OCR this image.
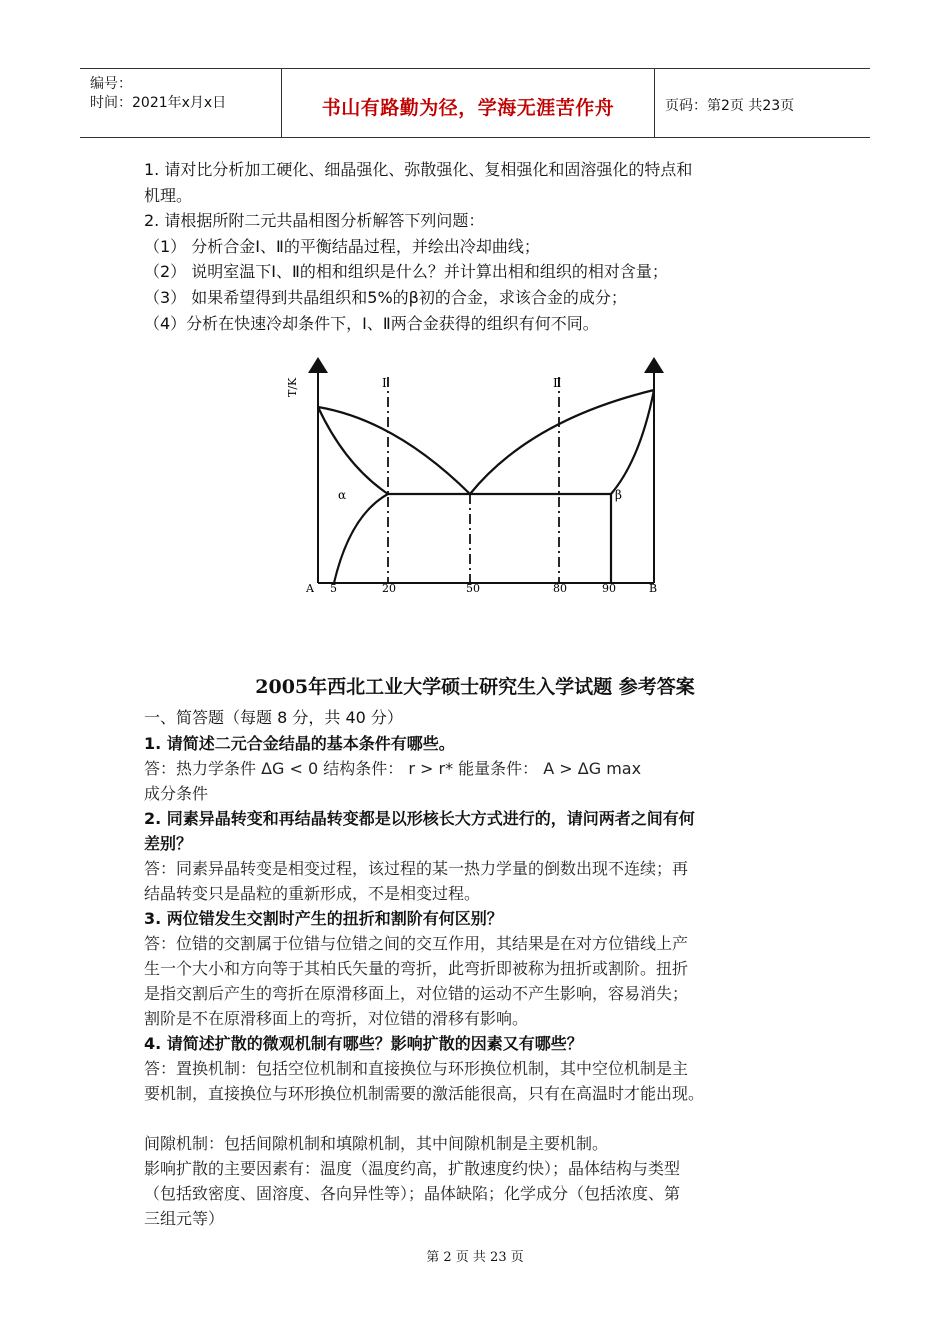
编号：
时间：2021年x月x日	书山有路勤为径，学海无涯苦作舟	页码：第2页 共23页
1. 请对比分析加工硬化、细晶强化、弥散强化、复相强化和固溶强化的特点和
机理。
2. 请根据所附二元共晶相图分析解答下列问题：
（1） 分析合金Ⅰ、Ⅱ的平衡结晶过程，并绘出冷却曲线；
（2） 说明室温下Ⅰ、Ⅱ的相和组织是什么？并计算出相和组织的相对含量；
（3） 如果希望得到共晶组织和5%的β初的合金，求该合金的成分；
（4）分析在快速冷却条件下，Ⅰ、Ⅱ两合金获得的组织有何不同。
T/K	Ⅰ	Ⅱ
α	β
A 5	20	50	80	90	B
2005年西北工业大学硕士研究生入学试题 参考答案
一、简答题（每题 8 分，共 40 分）
1. 请简述二元合金结晶的基本条件有哪些。
答：热力学条件 ΔG < 0 结构条件： r > r* 能量条件： A > ΔG max
成分条件
2. 同素异晶转变和再结晶转变都是以形核长大方式进行的，请问两者之间有何
差别？
答：同素异晶转变是相变过程，该过程的某一热力学量的倒数出现不连续；再
结晶转变只是晶粒的重新形成，不是相变过程。
3. 两位错发生交割时产生的扭折和割阶有何区别？
答：位错的交割属于位错与位错之间的交互作用，其结果是在对方位错线上产
生一个大小和方向等于其柏氏矢量的弯折，此弯折即被称为扭折或割阶。扭折
是指交割后产生的弯折在原滑移面上，对位错的运动不产生影响，容易消失；
割阶是不在原滑移面上的弯折，对位错的滑移有影响。
4. 请简述扩散的微观机制有哪些？影响扩散的因素又有哪些？
答：置换机制：包括空位机制和直接换位与环形换位机制，其中空位机制是主
要机制，直接换位与环形换位机制需要的激活能很高，只有在高温时才能出现。
间隙机制：包括间隙机制和填隙机制，其中间隙机制是主要机制。
影响扩散的主要因素有：温度（温度约高，扩散速度约快）；晶体结构与类型
（包括致密度、固溶度、各向异性等）；晶体缺陷；化学成分（包括浓度、第
三组元等）
第 2 页 共 23 页
